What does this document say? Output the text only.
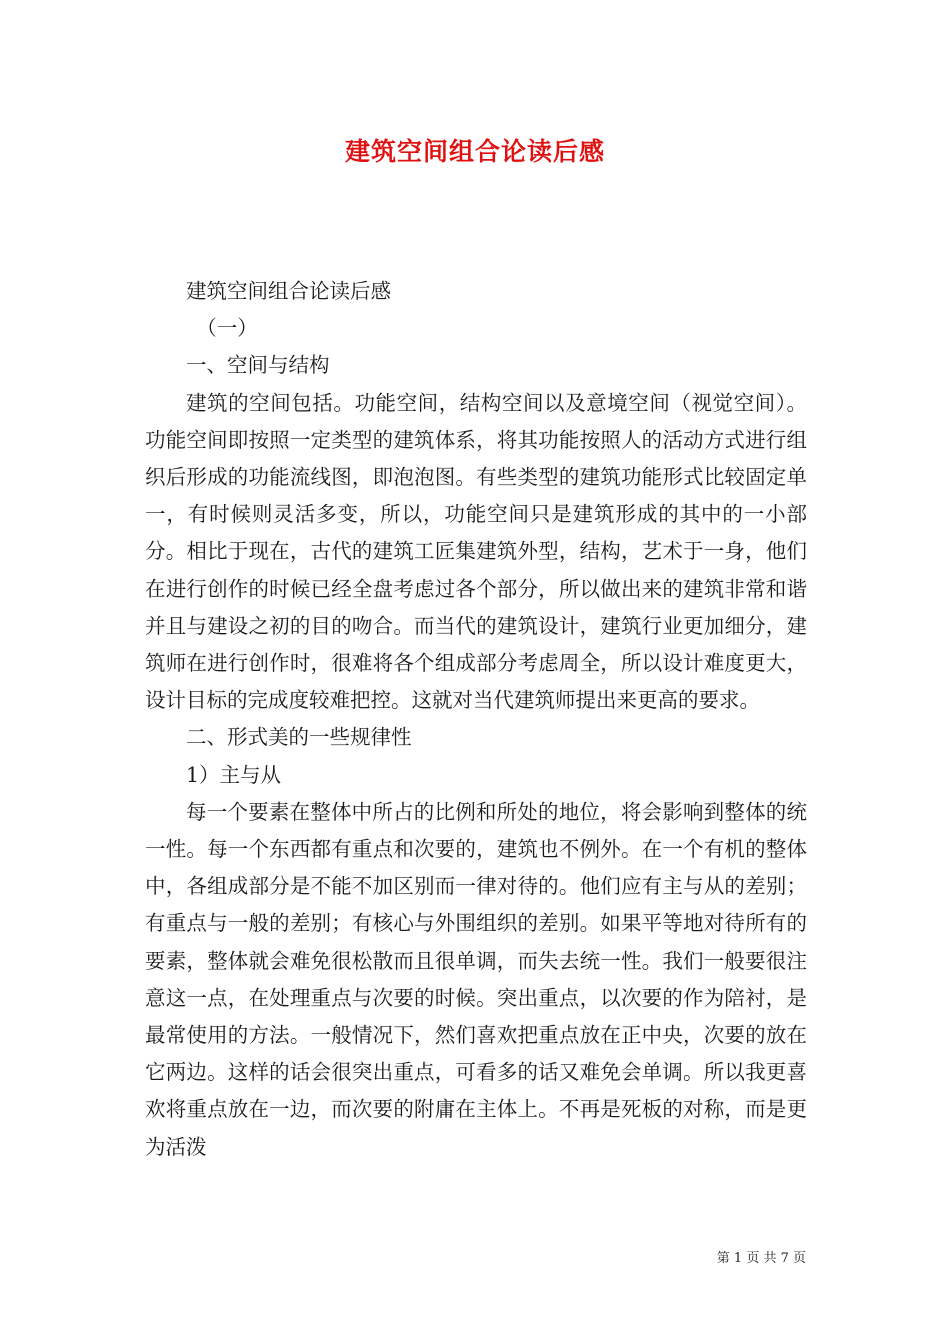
建筑空间组合论读后感

建筑空间组合论读后感

（一）

一、空间与结构

建筑的空间包括。功能空间，结构空间以及意境空间（视觉空间）。功能空间即按照一定类型的建筑体系，将其功能按照人的活动方式进行组织后形成的功能流线图，即泡泡图。有些类型的建筑功能形式比较固定单一，有时候则灵活多变，所以，功能空间只是建筑形成的其中的一小部分。相比于现在，古代的建筑工匠集建筑外型，结构，艺术于一身，他们在进行创作的时候已经全盘考虑过各个部分，所以做出来的建筑非常和谐并且与建设之初的目的吻合。而当代的建筑设计，建筑行业更加细分，建筑师在进行创作时，很难将各个组成部分考虑周全，所以设计难度更大，设计目标的完成度较难把控。这就对当代建筑师提出来更高的要求。

二、形式美的一些规律性

1）主与从

每一个要素在整体中所占的比例和所处的地位，将会影响到整体的统一性。每一个东西都有重点和次要的，建筑也不例外。在一个有机的整体中，各组成部分是不能不加区别而一律对待的。他们应有主与从的差别；有重点与一般的差别；有核心与外围组织的差别。如果平等地对待所有的要素，整体就会难免很松散而且很单调，而失去统一性。我们一般要很注意这一点，在处理重点与次要的时候。突出重点，以次要的作为陪衬，是最常使用的方法。一般情况下，然们喜欢把重点放在正中央，次要的放在它两边。这样的话会很突出重点，可看多的话又难免会单调。所以我更喜欢将重点放在一边，而次要的附庸在主体上。不再是死板的对称，而是更为活泼

第 1 页 共 7 页
